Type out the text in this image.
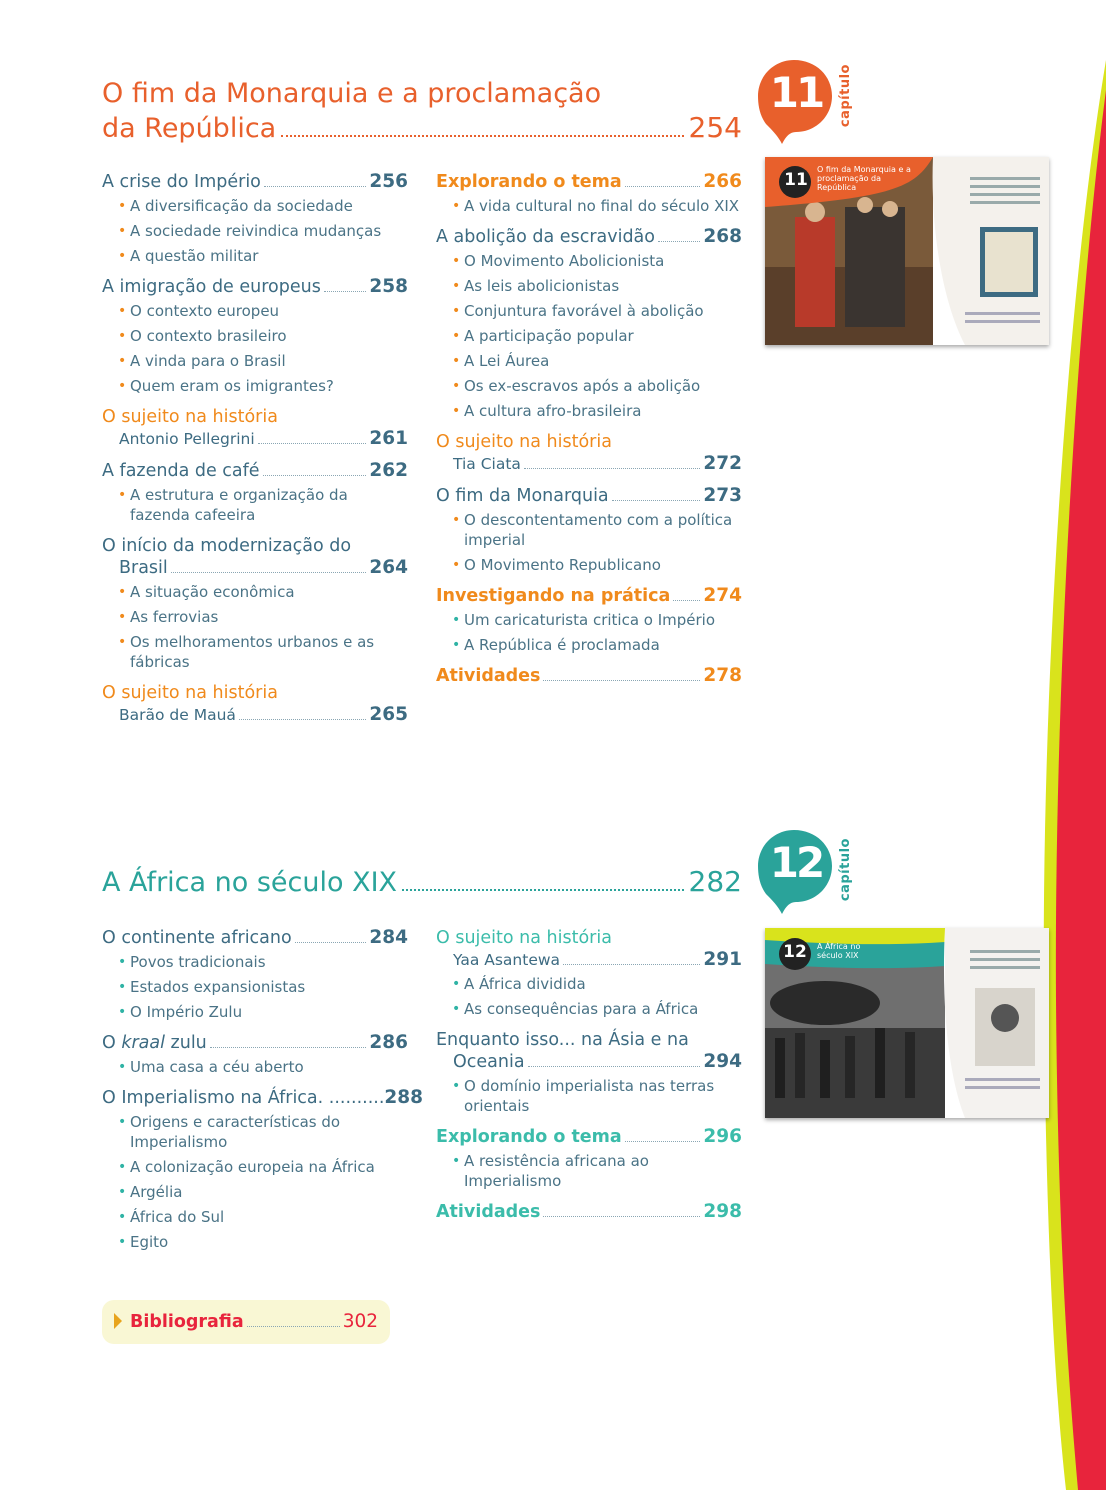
O fim da Monarquia e a proclamação
da República	254
11 capítulo
11
O fim da Monarquia e a proclamação da República
A crise do Império	256
• A diversificação da sociedade
• A sociedade reivindica mudanças
• A questão militar
A imigração de europeus	258
• O contexto europeu
• O contexto brasileiro
• A vinda para o Brasil
• Quem eram os imigrantes?
O sujeito na história
Antonio Pellegrini	261
A fazenda de café	262
• A estrutura e organização da fazenda cafeeira
O início da modernização do
Brasil	264
• A situação econômica
• As ferrovias
• Os melhoramentos urbanos e as fábricas
O sujeito na história
Barão de Mauá	265
Explorando o tema	266
• A vida cultural no final do século XIX
A abolição da escravidão	268
• O Movimento Abolicionista
• As leis abolicionistas
• Conjuntura favorável à abolição
• A participação popular
• A Lei Áurea
• Os ex-escravos após a abolição
• A cultura afro-brasileira
O sujeito na história
Tia Ciata	272
O fim da Monarquia	273
• O descontentamento com a política imperial
• O Movimento Republicano
Investigando na prática 274
• Um caricaturista critica o Império
• A República é proclamada
Atividades	278
A África no século XIX	282 12 capítulo
12 A África no século XIX
O continente africano	284
• Povos tradicionais
• Estados expansionistas
• O Império Zulu
O kraal zulu	286
• Uma casa a céu aberto
O Imperialismo na África. .......... 288
• Origens e características do Imperialismo
• A colonização europeia na África
• Argélia
• África do Sul
• Egito
O sujeito na história
Yaa Asantewa	291
• A África dividida
• As consequências para a África
Enquanto isso... na Ásia e na
Oceania	294
• O domínio imperialista nas terras orientais
Explorando o tema	296
• A resistência africana ao Imperialismo
Atividades	298
Bibliografia	302
